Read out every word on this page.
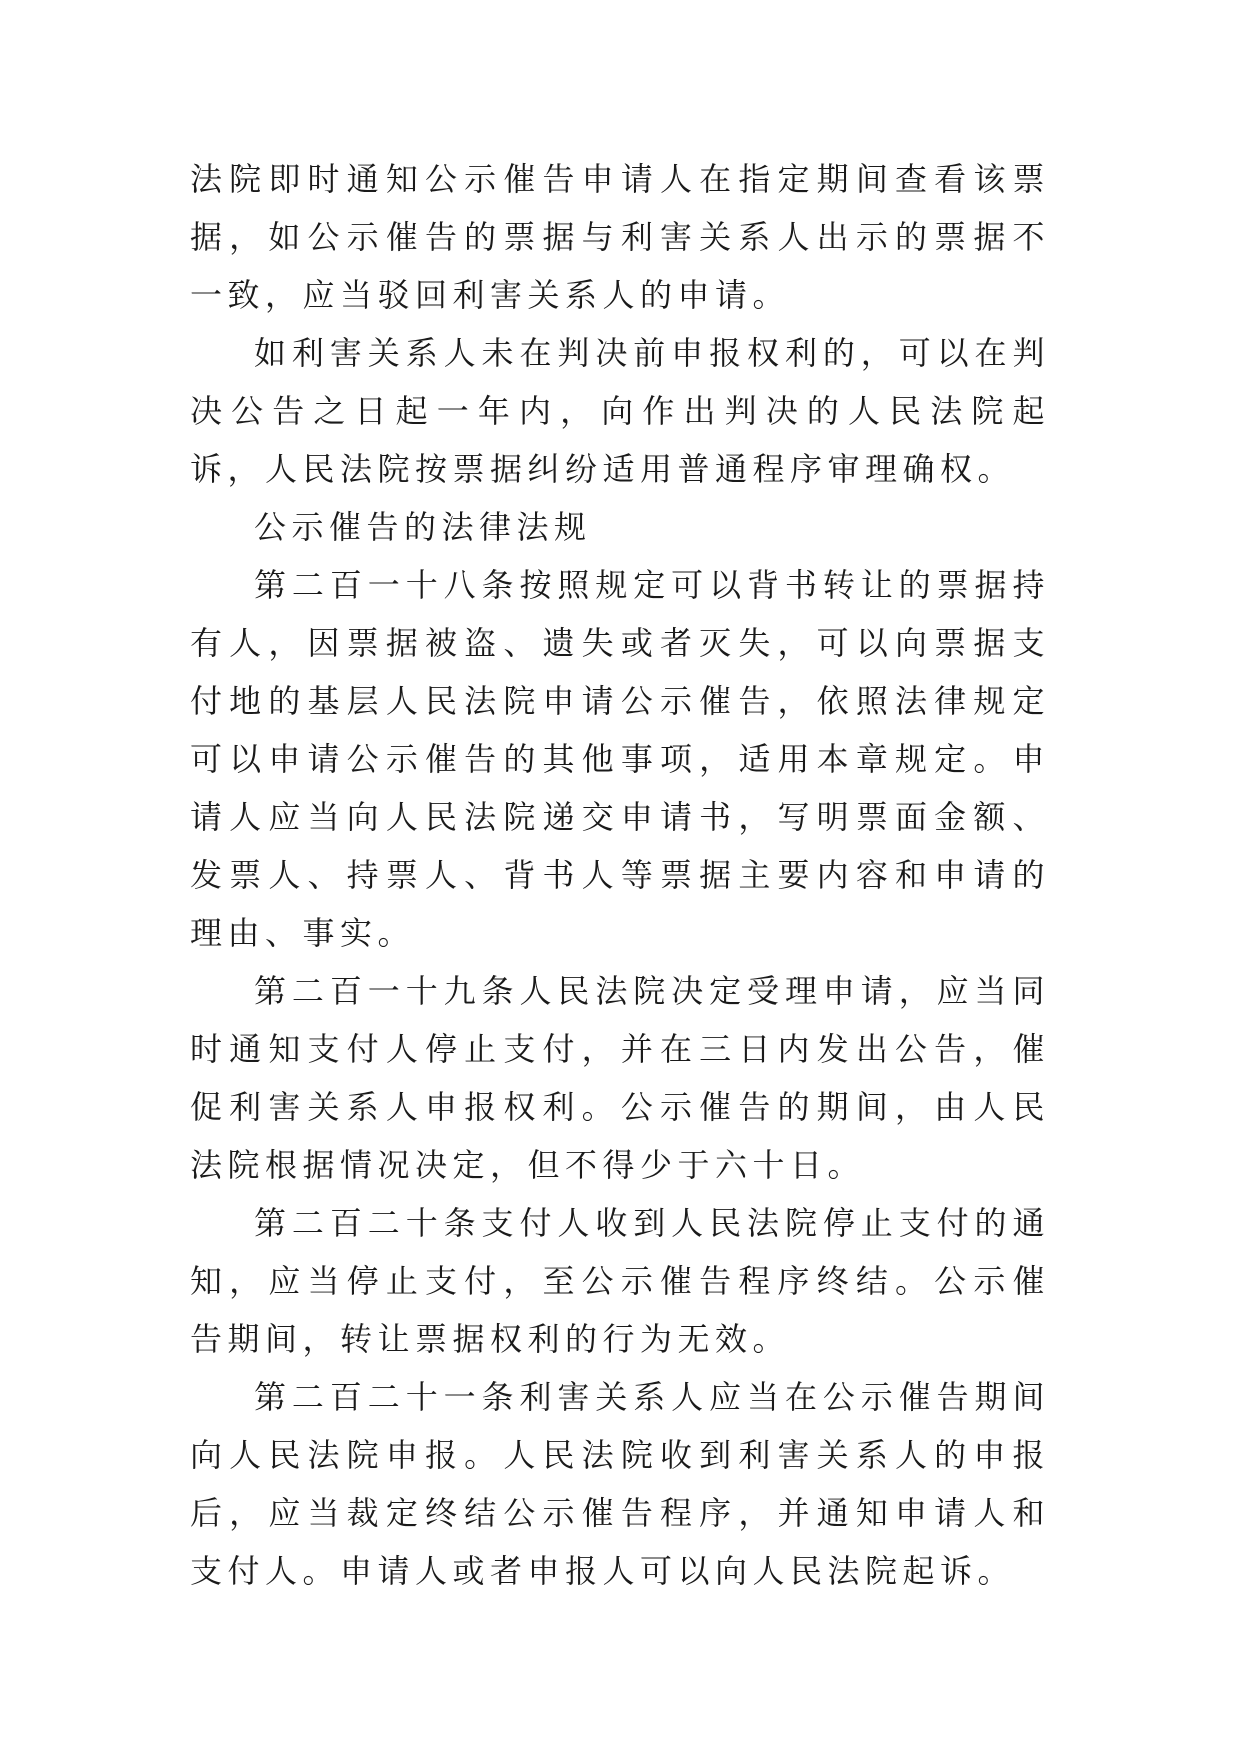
法院即时通知公示催告申请人在指定期间查看该票据，如公示催告的票据与利害关系人出示的票据不一致，应当驳回利害关系人的申请。

如利害关系人未在判决前申报权利的，可以在判决公告之日起一年内，向作出判决的人民法院起诉，人民法院按票据纠纷适用普通程序审理确权。

公示催告的法律法规

第二百一十八条按照规定可以背书转让的票据持有人，因票据被盗、遗失或者灭失，可以向票据支付地的基层人民法院申请公示催告，依照法律规定可以申请公示催告的其他事项，适用本章规定。申请人应当向人民法院递交申请书，写明票面金额、发票人、持票人、背书人等票据主要内容和申请的理由、事实。

第二百一十九条人民法院决定受理申请，应当同时通知支付人停止支付，并在三日内发出公告，催促利害关系人申报权利。公示催告的期间，由人民法院根据情况决定，但不得少于六十日。

第二百二十条支付人收到人民法院停止支付的通知，应当停止支付，至公示催告程序终结。公示催告期间，转让票据权利的行为无效。

第二百二十一条利害关系人应当在公示催告期间向人民法院申报。人民法院收到利害关系人的申报后，应当裁定终结公示催告程序，并通知申请人和支付人。申请人或者申报人可以向人民法院起诉。
